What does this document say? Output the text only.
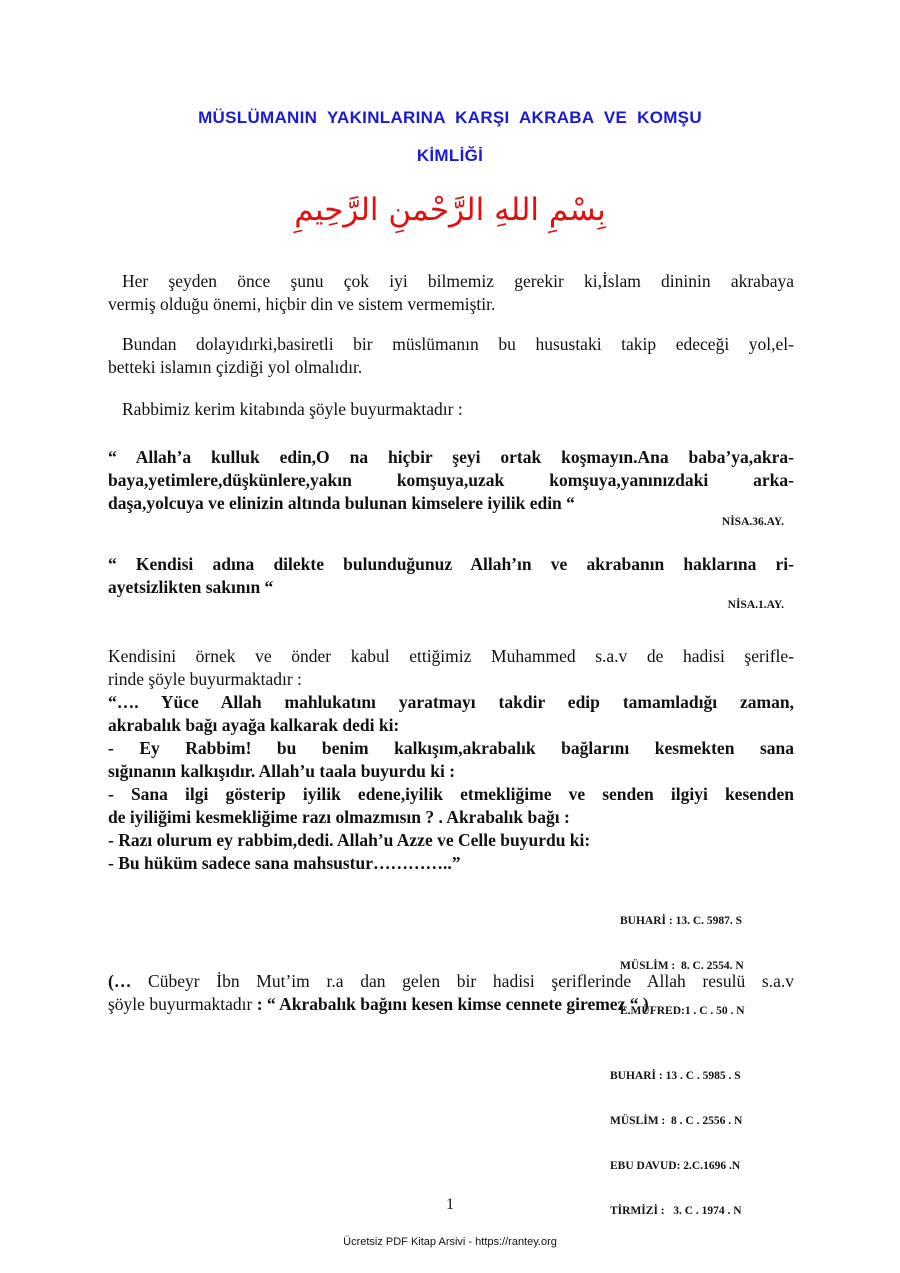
MÜSLÜMANIN YAKINLARINA KARŞI AKRABA VE KOMŞU
KİMLİĞİ
بِسْمِ اللهِ الرَّحْمنِ الرَّحِيمِ
Her şeyden önce şunu çok iyi bilmemiz gerekir ki,İslam dininin akrabaya
vermiş olduğu önemi, hiçbir din ve sistem vermemiştir.
Bundan dolayıdırki,basiretli bir müslümanın bu husustaki takip edeceği yol,el-
betteki islamın çizdiği yol olmalıdır.
Rabbimiz kerim kitabında şöyle buyurmaktadır :
“ Allah’a kulluk edin,O na hiçbir şeyi ortak koşmayın.Ana baba’ya,akra-
baya,yetimlere,düşkünlere,yakın komşuya,uzak komşuya,yanınızdaki arka-
daşa,yolcuya ve elinizin altında bulunan kimselere iyilik edin “
NİSA.36.AY.
“ Kendisi adına dilekte bulunduğunuz Allah’ın ve akrabanın haklarına ri-
ayetsizlikten sakının “
NİSA.1.AY.
Kendisini örnek ve önder kabul ettiğimiz Muhammed s.a.v de hadisi şerifle-
rinde şöyle buyurmaktadır :
“…. Yüce Allah mahlukatını yaratmayı takdir edip tamamladığı zaman,
akrabalık bağı ayağa kalkarak dedi ki:
- Ey Rabbim! bu benim kalkışım,akrabalık bağlarını kesmekten sana
sığınanın kalkışıdır. Allah’u taala buyurdu ki :
- Sana ilgi gösterip iyilik edene,iyilik etmekliğime ve senden ilgiyi kesenden
de iyiliğimi kesmekliğime razı olmazmısın ? . Akrabalık bağı :
- Razı olurum ey rabbim,dedi. Allah’u Azze ve Celle buyurdu ki:
- Bu hüküm sadece sana mahsustur…………..”

BUHARİ : 13. C. 5987. S

MÜSLİM :  8. C. 2554. N

E.MÜFRED:1 . C . 50 . N

(… Cübeyr İbn Mut’im r.a dan gelen bir hadisi şeriflerinde Allah resulü s.a.v
şöyle buyurmaktadır : “ Akrabalık bağını kesen kimse cennete giremez “ )

BUHARİ : 13 . C . 5985 . S

MÜSLİM :  8 . C . 2556 . N

EBU DAVUD: 2.C.1696 .N

TİRMİZİ :   3. C . 1974 . N

1
Ücretsiz PDF Kitap Arsivi - https://rantey.org
